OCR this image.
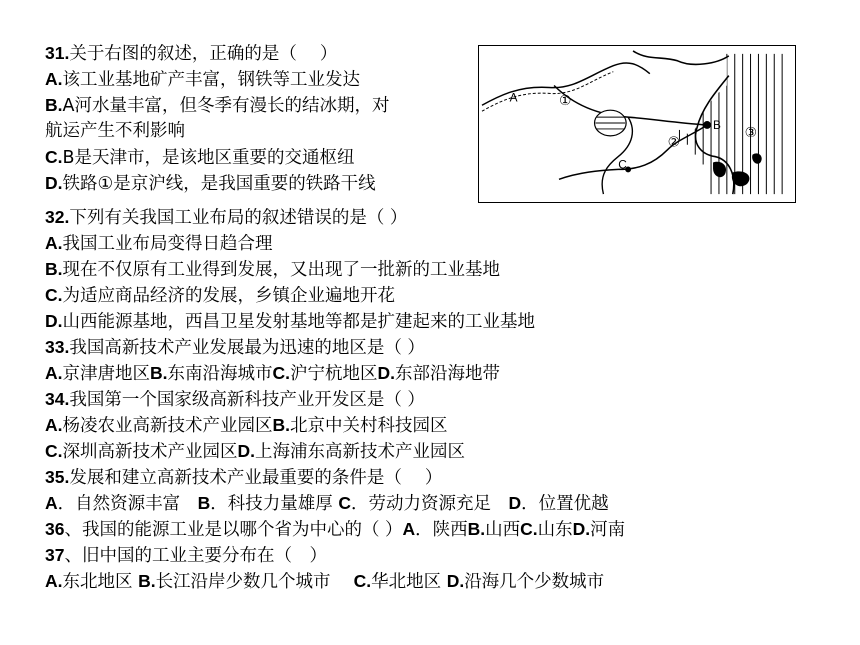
31.关于右图的叙述，正确的是（　 ）
A.该工业基地矿产丰富，钢铁等工业发达
B.A河水量丰富，但冬季有漫长的结冰期，对
航运产生不利影响
C.B是天津市，是该地区重要的交通枢纽
D.铁路①是京沪线，是我国重要的铁路干线
A
B
C
①
②
③
32.下列有关我国工业布局的叙述错误的是（ ）
A.我国工业布局变得日趋合理
B.现在不仅原有工业得到发展，又出现了一批新的工业基地
C.为适应商品经济的发展，乡镇企业遍地开花
D.山西能源基地，西昌卫星发射基地等都是扩建起来的工业基地
33.我国高新技术产业发展最为迅速的地区是（ ）
A.京津唐地区B.东南沿海城市C.沪宁杭地区D.东部沿海地带
34.我国第一个国家级高新科技产业开发区是（ ）
A.杨凌农业高新技术产业园区B.北京中关村科技园区
C.深圳高新技术产业园区D.上海浦东高新技术产业园区
35.发展和建立高新技术产业最重要的条件是（　 ）
A．自然资源丰富　B．科技力量雄厚 C．劳动力资源充足　D．位置优越
36、我国的能源工业是以哪个省为中心的（ ）A．陕西B.山西C.山东D.河南
37、旧中国的工业主要分布在（　）
A.东北地区 B.长江沿岸少数几个城市 　C.华北地区 D.沿海几个少数城市
